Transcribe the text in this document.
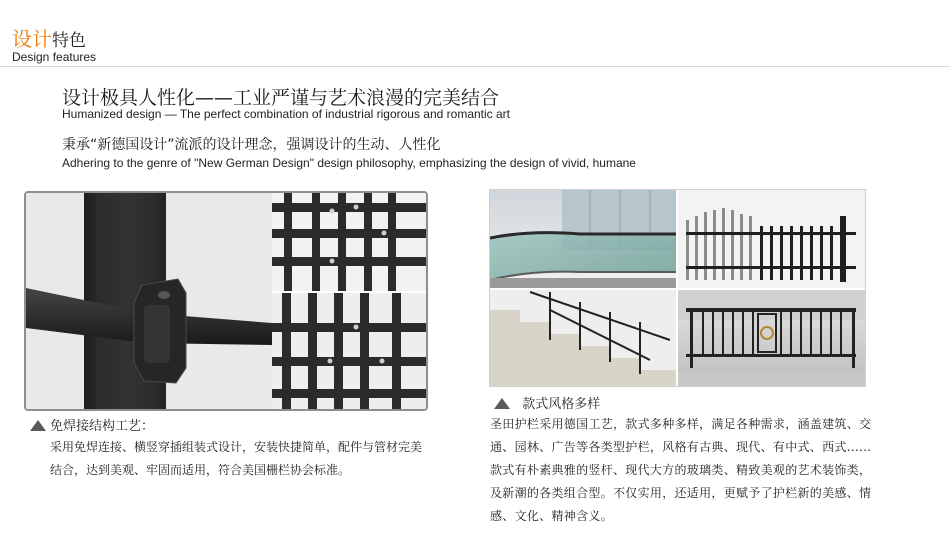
设计特色
Design features
设计极具人性化——工业严谨与艺术浪漫的完美结合
Humanized design — The perfect combination of industrial rigorous and romantic art
秉承“新德国设计”流派的设计理念，强调设计的生动、人性化
Adhering to the genre of "New German Design" design philosophy, emphasizing the design of vivid, humane
免焊接结构工艺：
采用免焊连接、横竖穿插组装式设计，安装快捷简单，配件与管材完美结合，达到美观、牢固而适用，符合美国栅栏协会标准。
款式风格多样
圣田护栏采用德国工艺，款式多种多样，满足各种需求，涵盖建筑、交通、园林、广告等各类型护栏，风格有古典、现代、有中式、西式...... 款式有朴素典雅的竖杆、现代大方的玻璃类、精致美观的艺术装饰类， 及新潮的各类组合型。不仅实用，还适用，更赋予了护栏新的美感、情感、文化、精神含义。
